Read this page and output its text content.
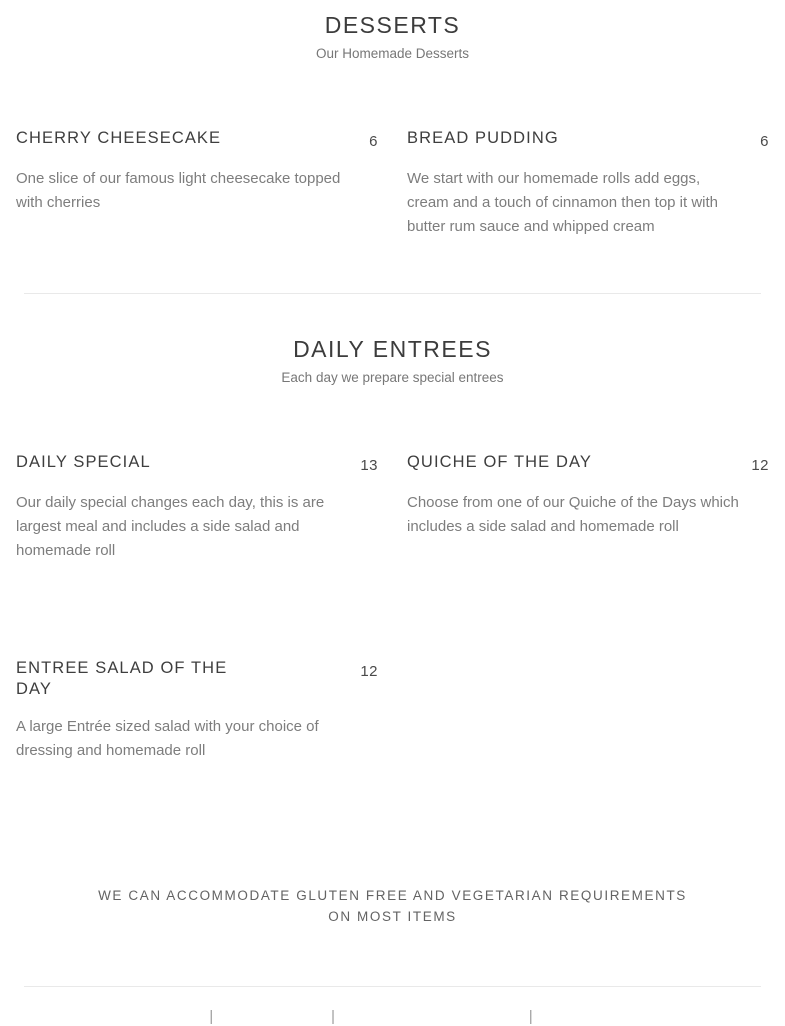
DESSERTS

Our Homemade Desserts

CHERRY CHEESECAKE	6

One slice of our famous light cheesecake topped with cherries

BREAD PUDDING	6

We start with our homemade rolls add eggs, cream and a touch of cinnamon then top it with butter rum sauce and whipped cream

DAILY ENTREES

Each day we prepare special entrees

DAILY SPECIAL	13

Our daily special changes each day, this is are largest meal and includes a side salad and homemade roll

QUICHE OF THE DAY	12

Choose from one of our Quiche of the Days which includes a side salad and homemade roll

ENTREE SALAD OF THE DAY
12

A large Entrée sized salad with your choice of dressing and homemade roll

WE CAN ACCOMMODATE GLUTEN FREE AND VEGETARIAN REQUIREMENTS ON MOST ITEMS

|	|	|
